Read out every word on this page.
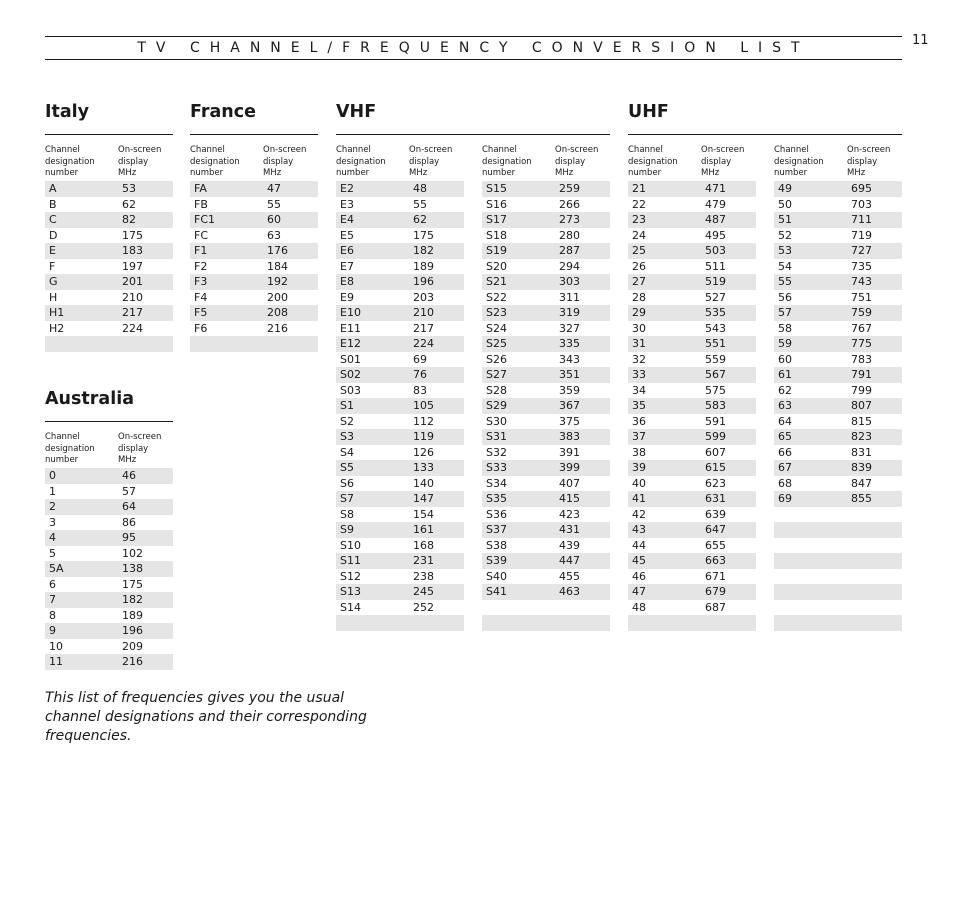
11
TV CHANNEL/FREQUENCY CONVERSION LIST
Italy	France	VHF	UHF
Australia
Channel
designation
number
On-screen
display
MHz
A	53
B	62
C	82
D	175
E	183
F	197
G	201
H	210
H1	217
H2	224
Channel
designation
number
On-screen
display
MHz
FA	47
FB	55
FC1	60
FC	63
F1	176
F2	184
F3	192
F4	200
F5	208
F6	216
Channel
designation
number
On-screen
display
MHz
E2	48
E3	55
E4	62
E5	175
E6	182
E7	189
E8	196
E9	203
E10	210
E11	217
E12	224
S01	69
S02	76
S03	83
S1	105
S2	112
S3	119
S4	126
S5	133
S6	140
S7	147
S8	154
S9	161
S10	168
S11	231
S12	238
S13	245
S14	252
Channel
designation
number
On-screen
display
MHz
S15	259
S16	266
S17	273
S18	280
S19	287
S20	294
S21	303
S22	311
S23	319
S24	327
S25	335
S26	343
S27	351
S28	359
S29	367
S30	375
S31	383
S32	391
S33	399
S34	407
S35	415
S36	423
S37	431
S38	439
S39	447
S40	455
S41	463
Channel
designation
number
On-screen
display
MHz
21	471
22	479
23	487
24	495
25	503
26	511
27	519
28	527
29	535
30	543
31	551
32	559
33	567
34	575
35	583
36	591
37	599
38	607
39	615
40	623
41	631
42	639
43	647
44	655
45	663
46	671
47	679
48	687
Channel
designation
number
On-screen
display
MHz
49	695
50	703
51	711
52	719
53	727
54	735
55	743
56	751
57	759
58	767
59	775
60	783
61	791
62	799
63	807
64	815
65	823
66	831
67	839
68	847
69	855
Channel
designation
number
On-screen
display
MHz
0	46
1	57
2	64
3	86
4	95
5	102
5A	138
6	175
7	182
8	189
9	196
10	209
11	216
This list of frequencies gives you the usual channel designations and their corresponding frequencies.
